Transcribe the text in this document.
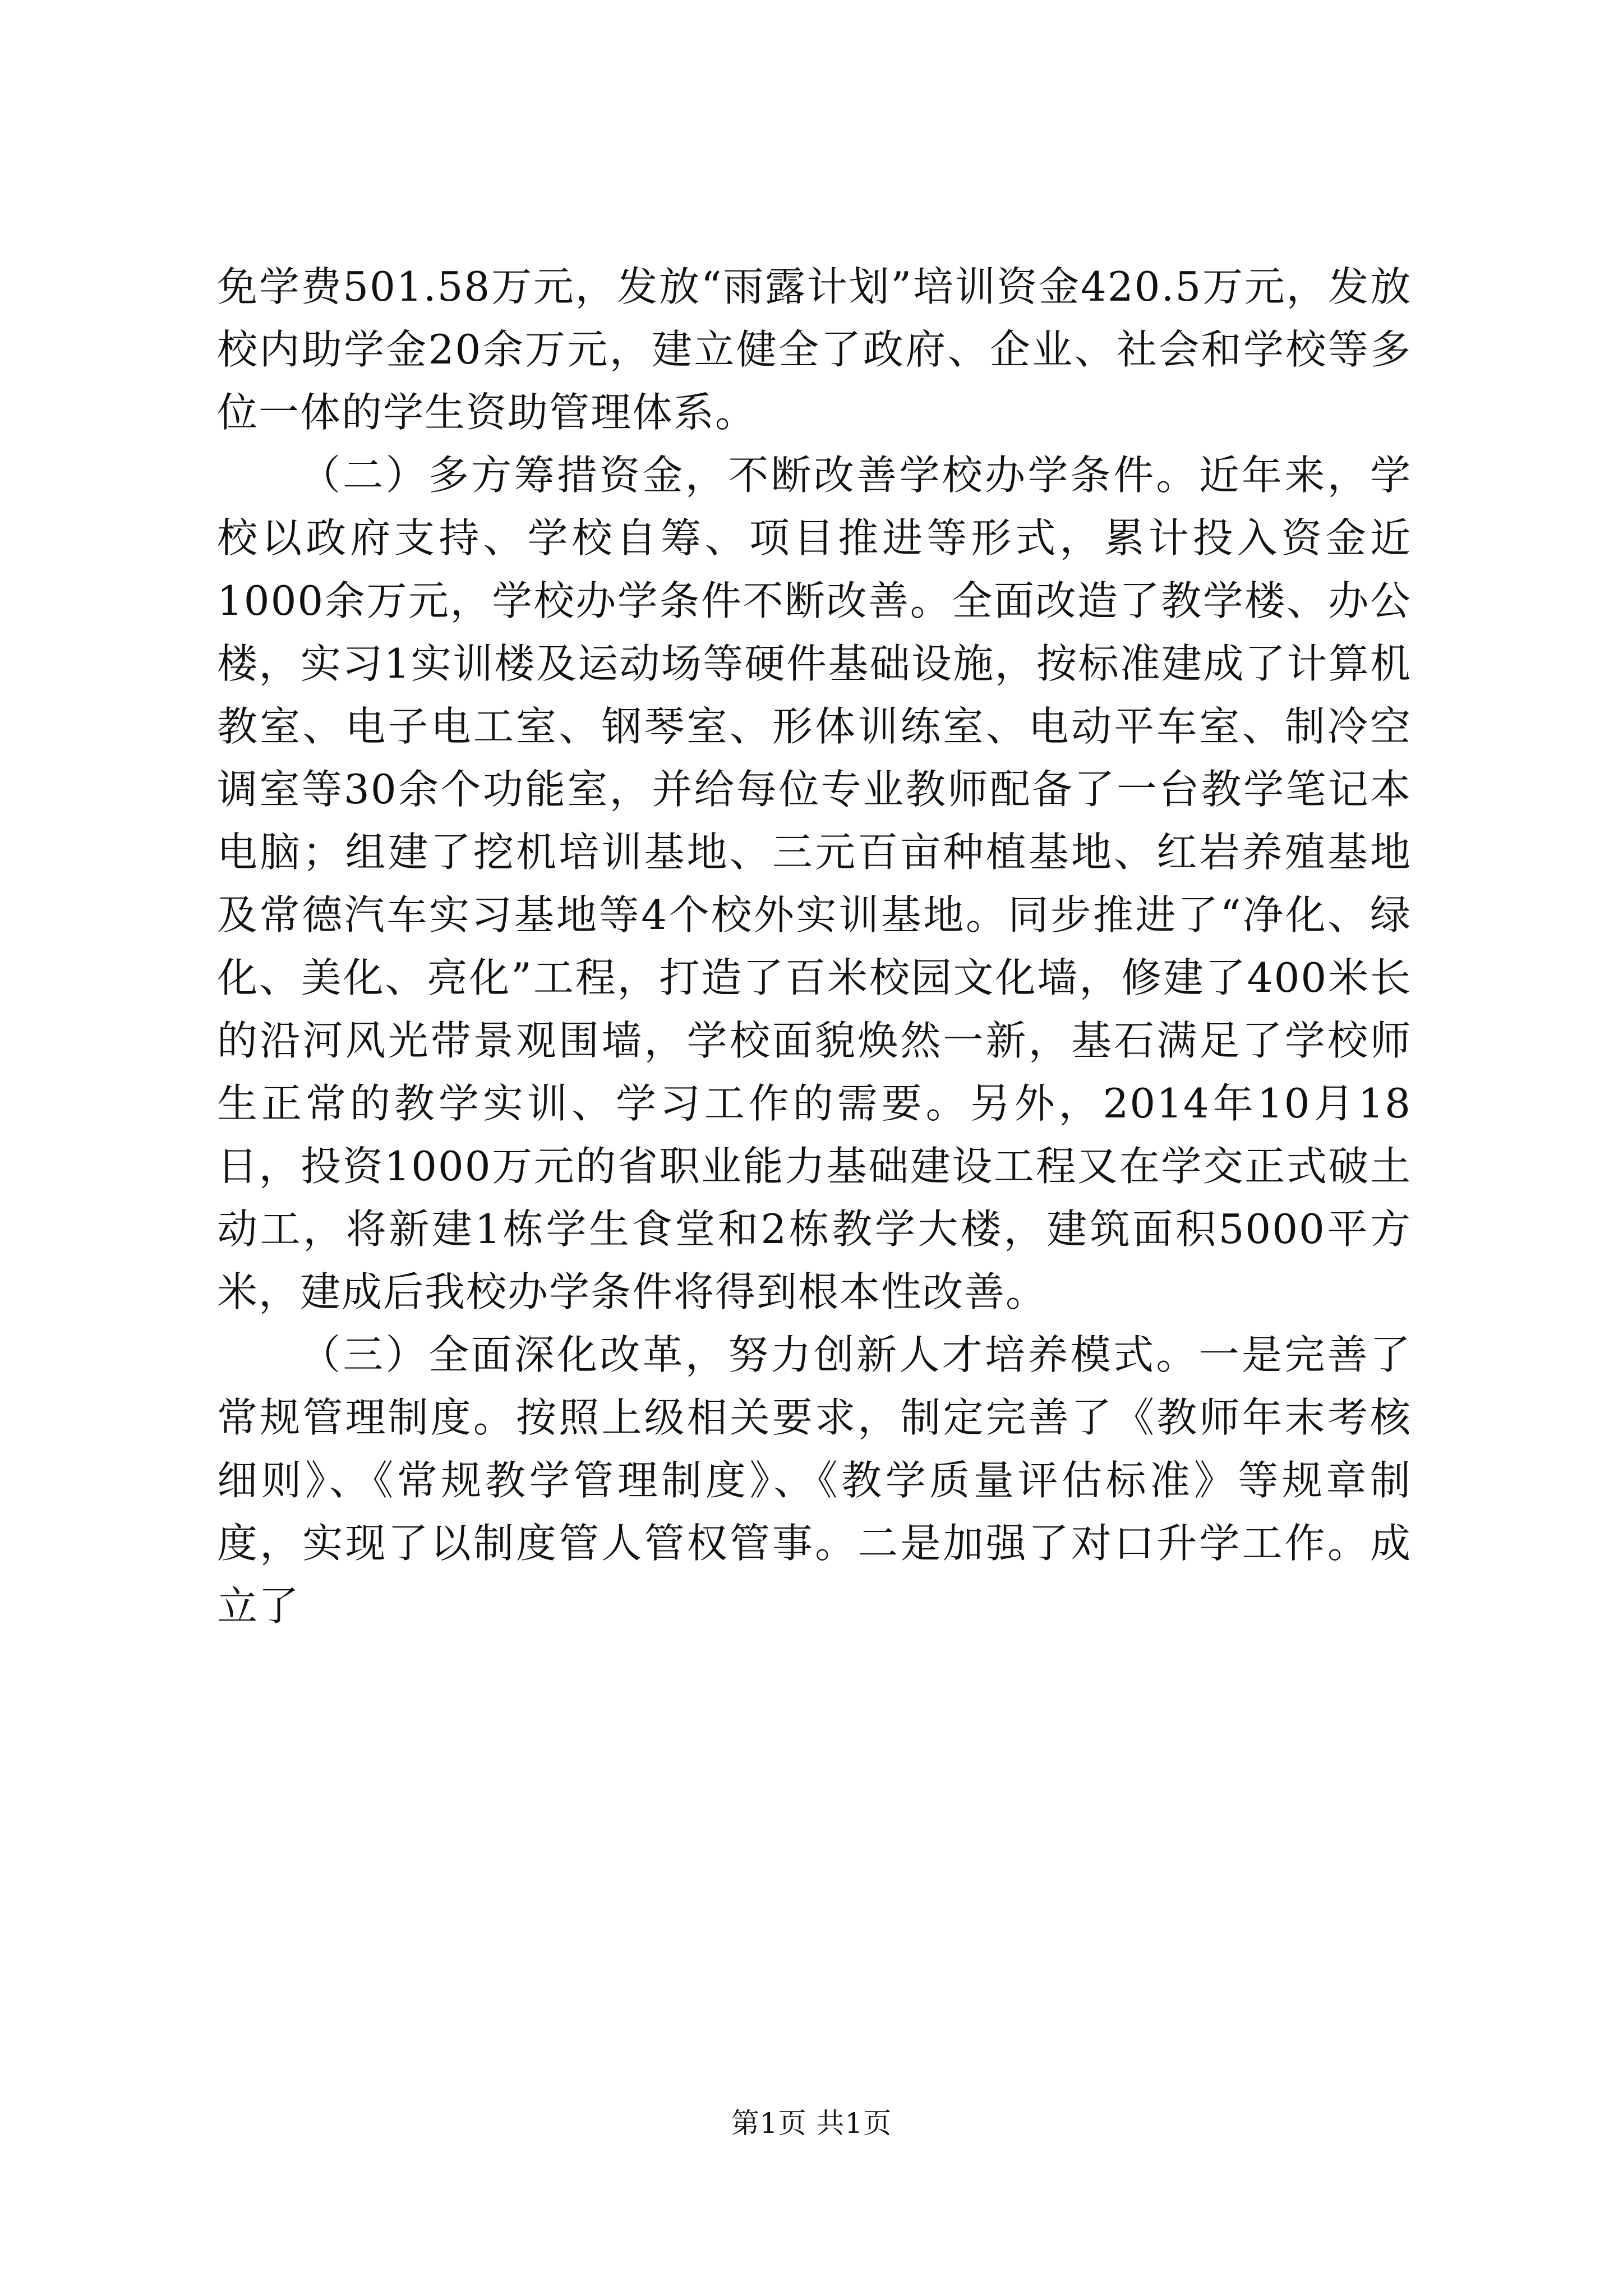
免学费501.58万元，发放“雨露计划”培训资金420.5万元，发放校内助学金20余万元，建立健全了政府、企业、社会和学校等多位一体的学生资助管理体系。

（二）多方筹措资金，不断改善学校办学条件。近年来，学校以政府支持、学校自筹、项目推进等形式，累计投入资金近1000余万元，学校办学条件不断改善。全面改造了教学楼、办公楼，实习1实训楼及运动场等硬件基础设施，按标准建成了计算机教室、电子电工室、钢琴室、形体训练室、电动平车室、制冷空调室等30余个功能室，并给每位专业教师配备了一台教学笔记本电脑；组建了挖机培训基地、三元百亩种植基地、红岩养殖基地及常德汽车实习基地等4个校外实训基地。同步推进了“净化、绿化、美化、亮化”工程，打造了百米校园文化墙，修建了400米长的沿河风光带景观围墙，学校面貌焕然一新，基石满足了学校师生正常的教学实训、学习工作的需要。另外，2014年10月18日，投资1000万元的省职业能力基础建设工程又在学交正式破土动工，将新建1栋学生食堂和2栋教学大楼，建筑面积5000平方米，建成后我校办学条件将得到根本性改善。

（三）全面深化改革，努力创新人才培养模式。一是完善了常规管理制度。按照上级相关要求，制定完善了《教师年末考核细则》、《常规教学管理制度》、《教学质量评估标准》等规章制度，实现了以制度管人管权管事。二是加强了对口升学工作。成立了

第1页 共1页
